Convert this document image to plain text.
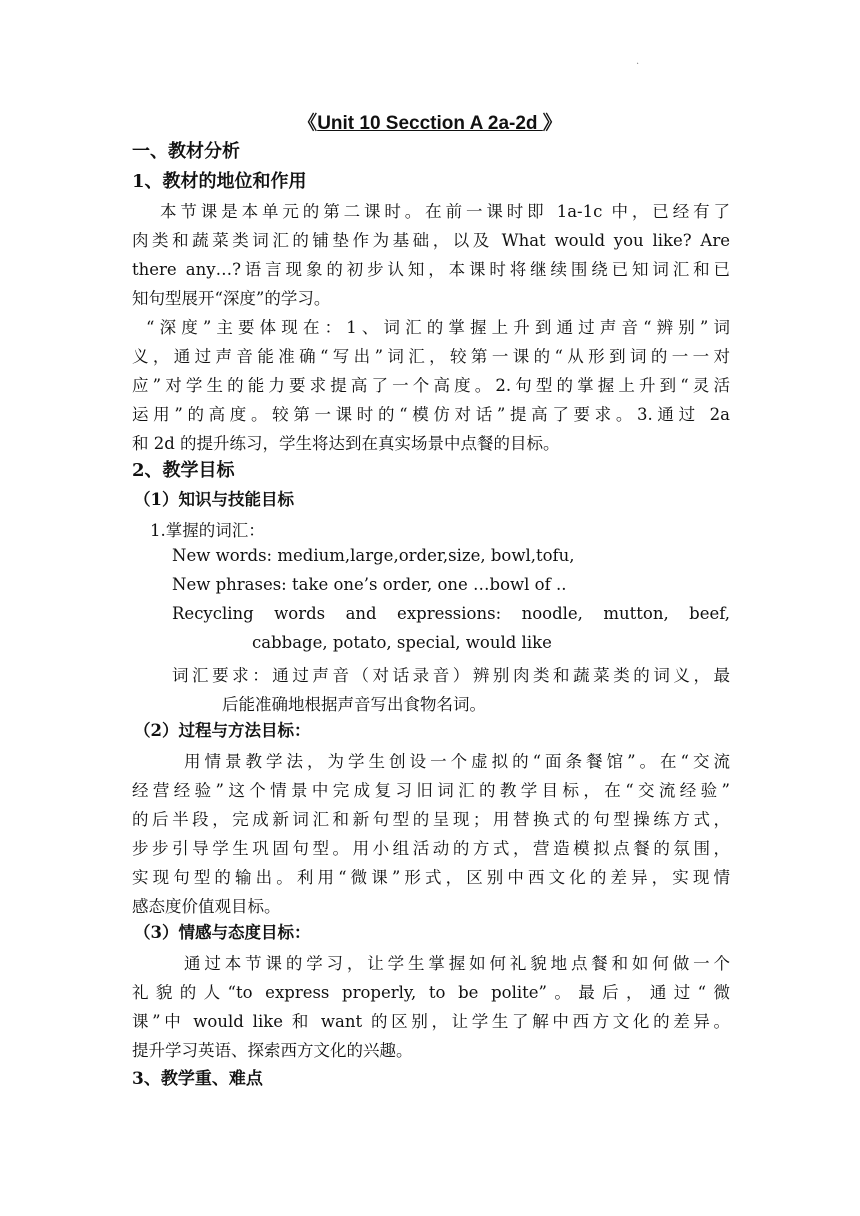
.
《Unit 10 Secction A 2a-2d 》
一、教材分析
1、教材的地位和作用
本节课是本单元的第二课时。在前一课时即 1a-1c 中，已经有了
肉类和蔬菜类词汇的铺垫作为基础，以及 What would you like? Are
there any…?语言现象的初步认知，本课时将继续围绕已知词汇和已
知句型展开“深度”的学习。
“深度”主要体现在：1、词汇的掌握上升到通过声音“辨别”词
义，通过声音能准确“写出”词汇，较第一课的“从形到词的一一对
应”对学生的能力要求提高了一个高度。2.句型的掌握上升到“灵活
运用”的高度。较第一课时的“模仿对话”提高了要求。3.通过 2a
和 2d 的提升练习，学生将达到在真实场景中点餐的目标。
2、教学目标
（1）知识与技能目标
1.掌握的词汇：
New words: medium,large,order,size, bowl,tofu,
New phrases: take one’s order, one …bowl of ..
Recycling words and expressions: noodle, mutton, beef,
cabbage, potato, special, would like
词汇要求：通过声音（对话录音）辨别肉类和蔬菜类的词义，最
后能准确地根据声音写出食物名词。
（2）过程与方法目标：
用情景教学法，为学生创设一个虚拟的“面条餐馆”。在“交流
经营经验”这个情景中完成复习旧词汇的教学目标，在“交流经验”
的后半段，完成新词汇和新句型的呈现；用替换式的句型操练方式，
步步引导学生巩固句型。用小组活动的方式，营造模拟点餐的氛围，
实现句型的输出。利用“微课”形式，区别中西文化的差异，实现情
感态度价值观目标。
（3）情感与态度目标：
通过本节课的学习，让学生掌握如何礼貌地点餐和如何做一个
礼貌的人“to express properly, to be polite”。最后，通过“微
课”中 would like 和 want 的区别，让学生了解中西方文化的差异。
提升学习英语、探索西方文化的兴趣。
3、教学重、难点
